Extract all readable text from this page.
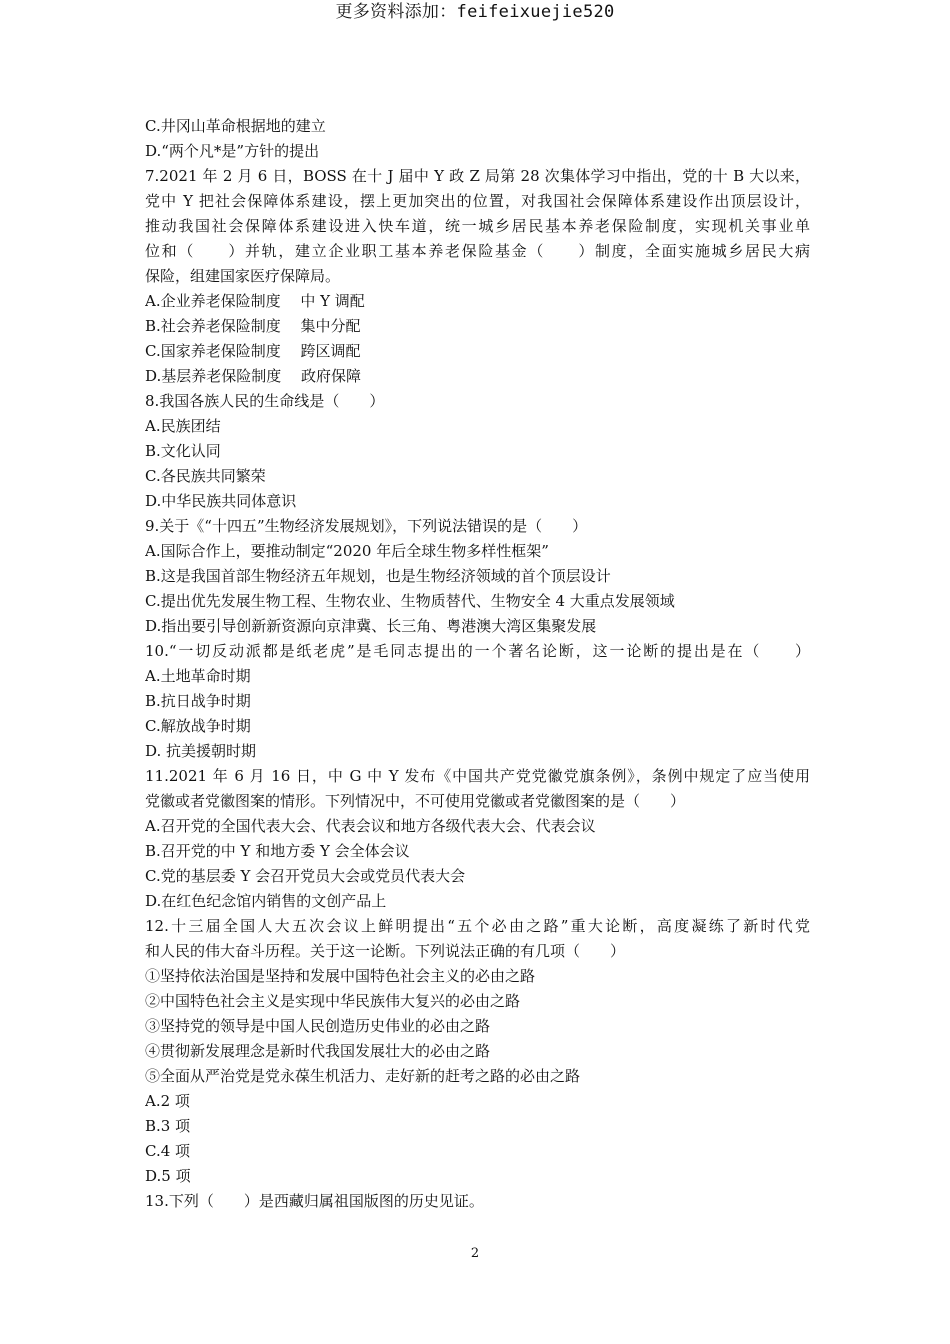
更多资料添加：feifeixuejie520
C.井冈山革命根据地的建立
D.“两个凡*是”方针的提出
7.2021 年 2 月 6 日，BOSS 在十 J 届中 Y 政 Z 局第 28 次集体学习中指出，党的十 B 大以来，
党中 Y 把社会保障体系建设，摆上更加突出的位置，对我国社会保障体系建设作出顶层设计，
推动我国社会保障体系建设进入快车道，统一城乡居民基本养老保险制度，实现机关事业单
位和（　　）并轨，建立企业职工基本养老保险基金（　　）制度，全面实施城乡居民大病
保险，组建国家医疗保障局。
A.企业养老保险制度　 中 Y 调配
B.社会养老保险制度　 集中分配
C.国家养老保险制度　 跨区调配
D.基层养老保险制度　 政府保障
8.我国各族人民的生命线是（　　）
A.民族团结
B.文化认同
C.各民族共同繁荣
D.中华民族共同体意识
9.关于《“十四五”生物经济发展规划》，下列说法错误的是（　　）
A.国际合作上，要推动制定“2020 年后全球生物多样性框架”
B.这是我国首部生物经济五年规划，也是生物经济领域的首个顶层设计
C.提出优先发展生物工程、生物农业、生物质替代、生物安全 4 大重点发展领域
D.指出要引导创新新资源向京津冀、长三角、粤港澳大湾区集聚发展
10.“一切反动派都是纸老虎”是毛同志提出的一个著名论断，这一论断的提出是在（　　）
A.土地革命时期
B.抗日战争时期
C.解放战争时期
D. 抗美援朝时期
11.2021 年 6 月 16 日，中 G 中 Y 发布《中国共产党党徽党旗条例》，条例中规定了应当使用
党徽或者党徽图案的情形。下列情况中，不可使用党徽或者党徽图案的是（　　）
A.召开党的全国代表大会、代表会议和地方各级代表大会、代表会议
B.召开党的中 Y 和地方委 Y 会全体会议
C.党的基层委 Y 会召开党员大会或党员代表大会
D.在红色纪念馆内销售的文创产品上
12.十三届全国人大五次会议上鲜明提出“五个必由之路”重大论断，高度凝练了新时代党
和人民的伟大奋斗历程。关于这一论断。下列说法正确的有几项（　　）
①坚持依法治国是坚持和发展中国特色社会主义的必由之路
②中国特色社会主义是实现中华民族伟大复兴的必由之路
③坚持党的领导是中国人民创造历史伟业的必由之路
④贯彻新发展理念是新时代我国发展壮大的必由之路
⑤全面从严治党是党永葆生机活力、走好新的赶考之路的必由之路
A.2 项
B.3 项
C.4 项
D.5 项
13.下列（　　）是西藏归属祖国版图的历史见证。
2
